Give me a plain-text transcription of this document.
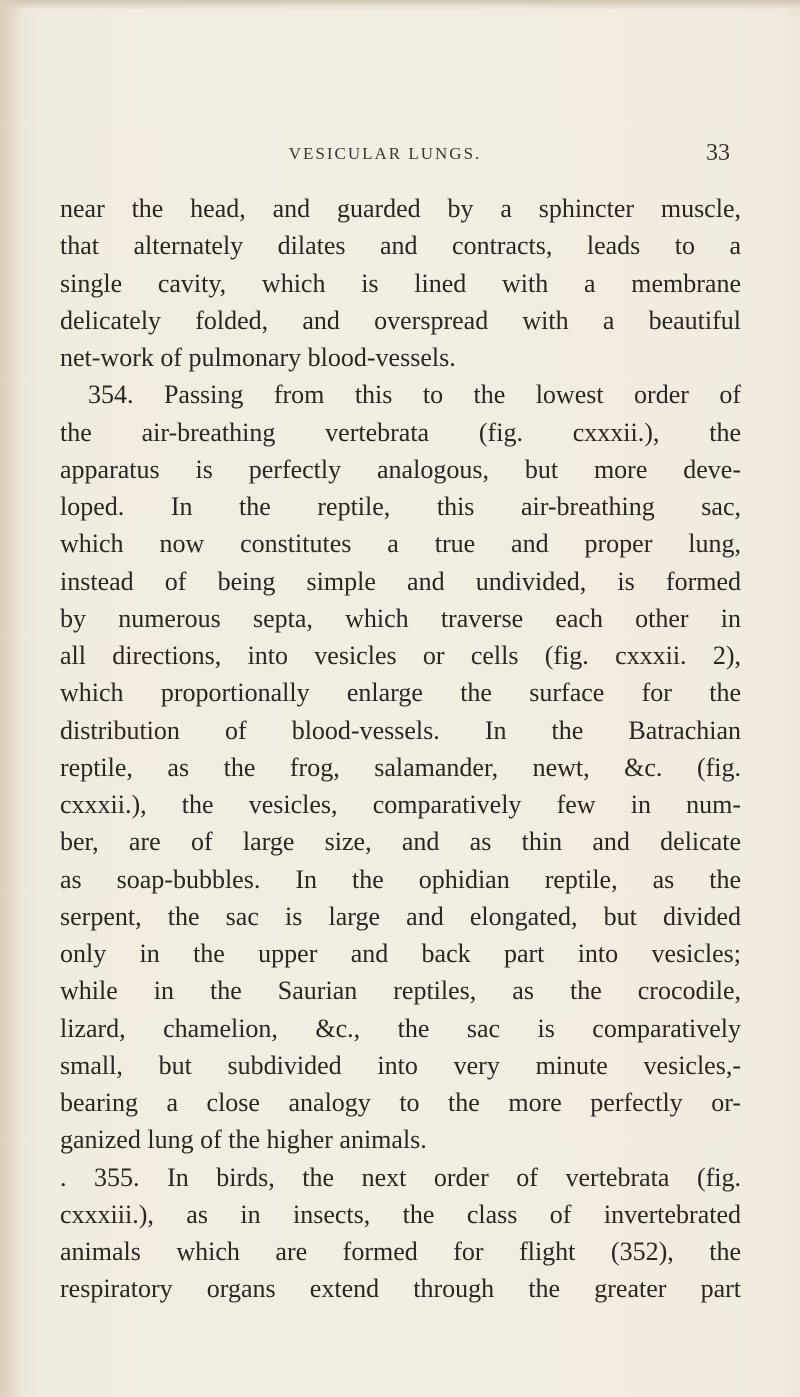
VESICULAR LUNGS.	33
near the head, and guarded by a sphincter muscle,
that alternately dilates and contracts, leads to a
single cavity, which is lined with a membrane
delicately folded, and overspread with a beautiful
net-work of pulmonary blood-vessels.
354. Passing from this to the lowest order of
the air-breathing vertebrata (fig. cxxxii.), the
apparatus is perfectly analogous, but more deve-
loped. In the reptile, this air-breathing sac,
which now constitutes a true and proper lung,
instead of being simple and undivided, is formed
by numerous septa, which traverse each other in
all directions, into vesicles or cells (fig. cxxxii. 2),
which proportionally enlarge the surface for the
distribution of blood-vessels. In the Batrachian
reptile, as the frog, salamander, newt, &c. (fig.
cxxxii.), the vesicles, comparatively few in num-
ber, are of large size, and as thin and delicate
as soap-bubbles. In the ophidian reptile, as the
serpent, the sac is large and elongated, but divided
only in the upper and back part into vesicles;
while in the Saurian reptiles, as the crocodile,
lizard, chamelion, &c., the sac is comparatively
small, but subdivided into very minute vesicles,-
bearing a close analogy to the more perfectly or-
ganized lung of the higher animals.
. 355. In birds, the next order of vertebrata (fig.
cxxxiii.), as in insects, the class of invertebrated
animals which are formed for flight (352), the
respiratory organs extend through the greater part
